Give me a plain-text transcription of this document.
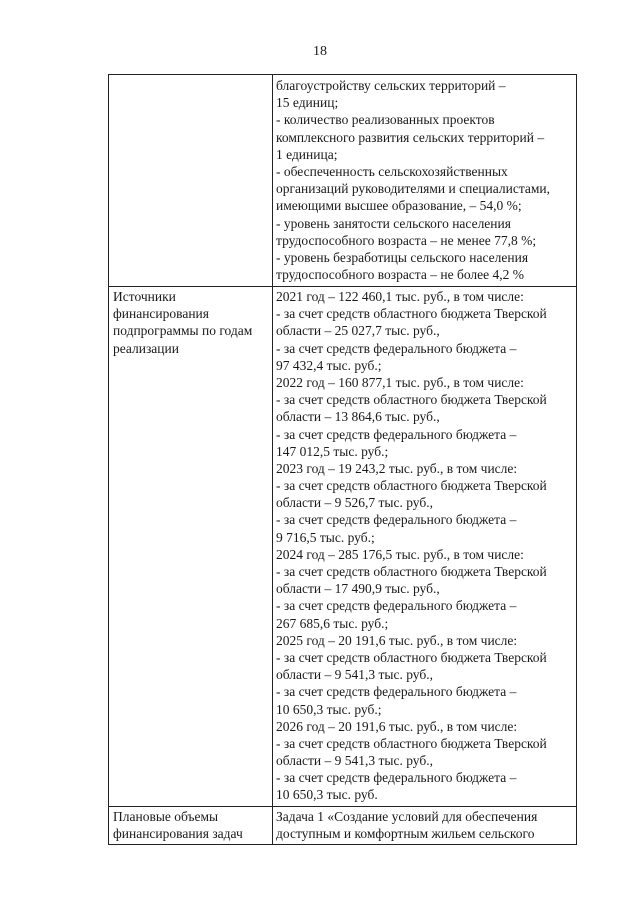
18
благоустройству сельских территорий –
15 единиц;
- количество реализованных проектов
комплексного развития сельских территорий –
1 единица;
- обеспеченность сельскохозяйственных
организаций руководителями и специалистами,
имеющими высшее образование, – 54,0 %;
- уровень занятости сельского населения
трудоспособного возраста – не менее 77,8 %;
- уровень безработицы сельского населения
трудоспособного возраста – не более 4,2 %
Источники
финансирования
подпрограммы по годам
реализации
2021 год – 122 460,1 тыс. руб., в том числе:
- за счет средств областного бюджета Тверской
области – 25 027,7 тыс. руб.,
- за счет средств федерального бюджета –
97 432,4 тыс. руб.;
2022 год – 160 877,1 тыс. руб., в том числе:
- за счет средств областного бюджета Тверской
области – 13 864,6 тыс. руб.,
- за счет средств федерального бюджета –
147 012,5 тыс. руб.;
2023 год – 19 243,2 тыс. руб., в том числе:
- за счет средств областного бюджета Тверской
области – 9 526,7 тыс. руб.,
- за счет средств федерального бюджета –
9 716,5 тыс. руб.;
2024 год – 285 176,5 тыс. руб., в том числе:
- за счет средств областного бюджета Тверской
области – 17 490,9 тыс. руб.,
- за счет средств федерального бюджета –
267 685,6 тыс. руб.;
2025 год – 20 191,6 тыс. руб., в том числе:
- за счет средств областного бюджета Тверской
области – 9 541,3 тыс. руб.,
- за счет средств федерального бюджета –
10 650,3 тыс. руб.;
2026 год – 20 191,6 тыс. руб., в том числе:
- за счет средств областного бюджета Тверской
области – 9 541,3 тыс. руб.,
- за счет средств федерального бюджета –
10 650,3 тыс. руб.
Плановые объемы
финансирования задач
Задача 1 «Создание условий для обеспечения
доступным и комфортным жильем сельского
